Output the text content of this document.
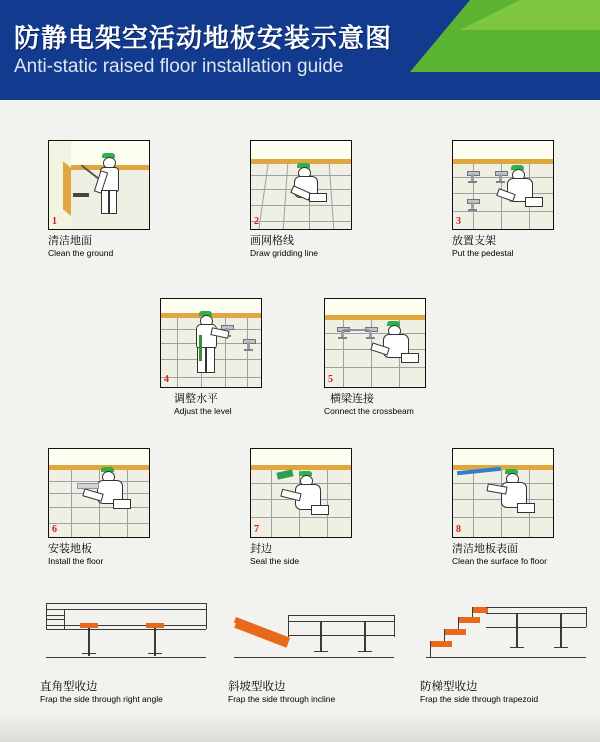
防静电架空活动地板安装示意图
Anti-static raised floor installation guide
1
清洁地面
Clean the ground
2
画网格线
Draw gridding line
3
放置支架
Put the pedestal
4
调整水平
Adjust the level
5
横梁连接
Connect the crossbeam
6
安装地板
Install the floor
7
封边
Seal the side
8
清洁地板表面
Clean the surface fo floor
直角型收边
Frap the side through right angle
斜坡型收边
Frap the side through incline
防梯型收边
Frap the side through trapezoid
